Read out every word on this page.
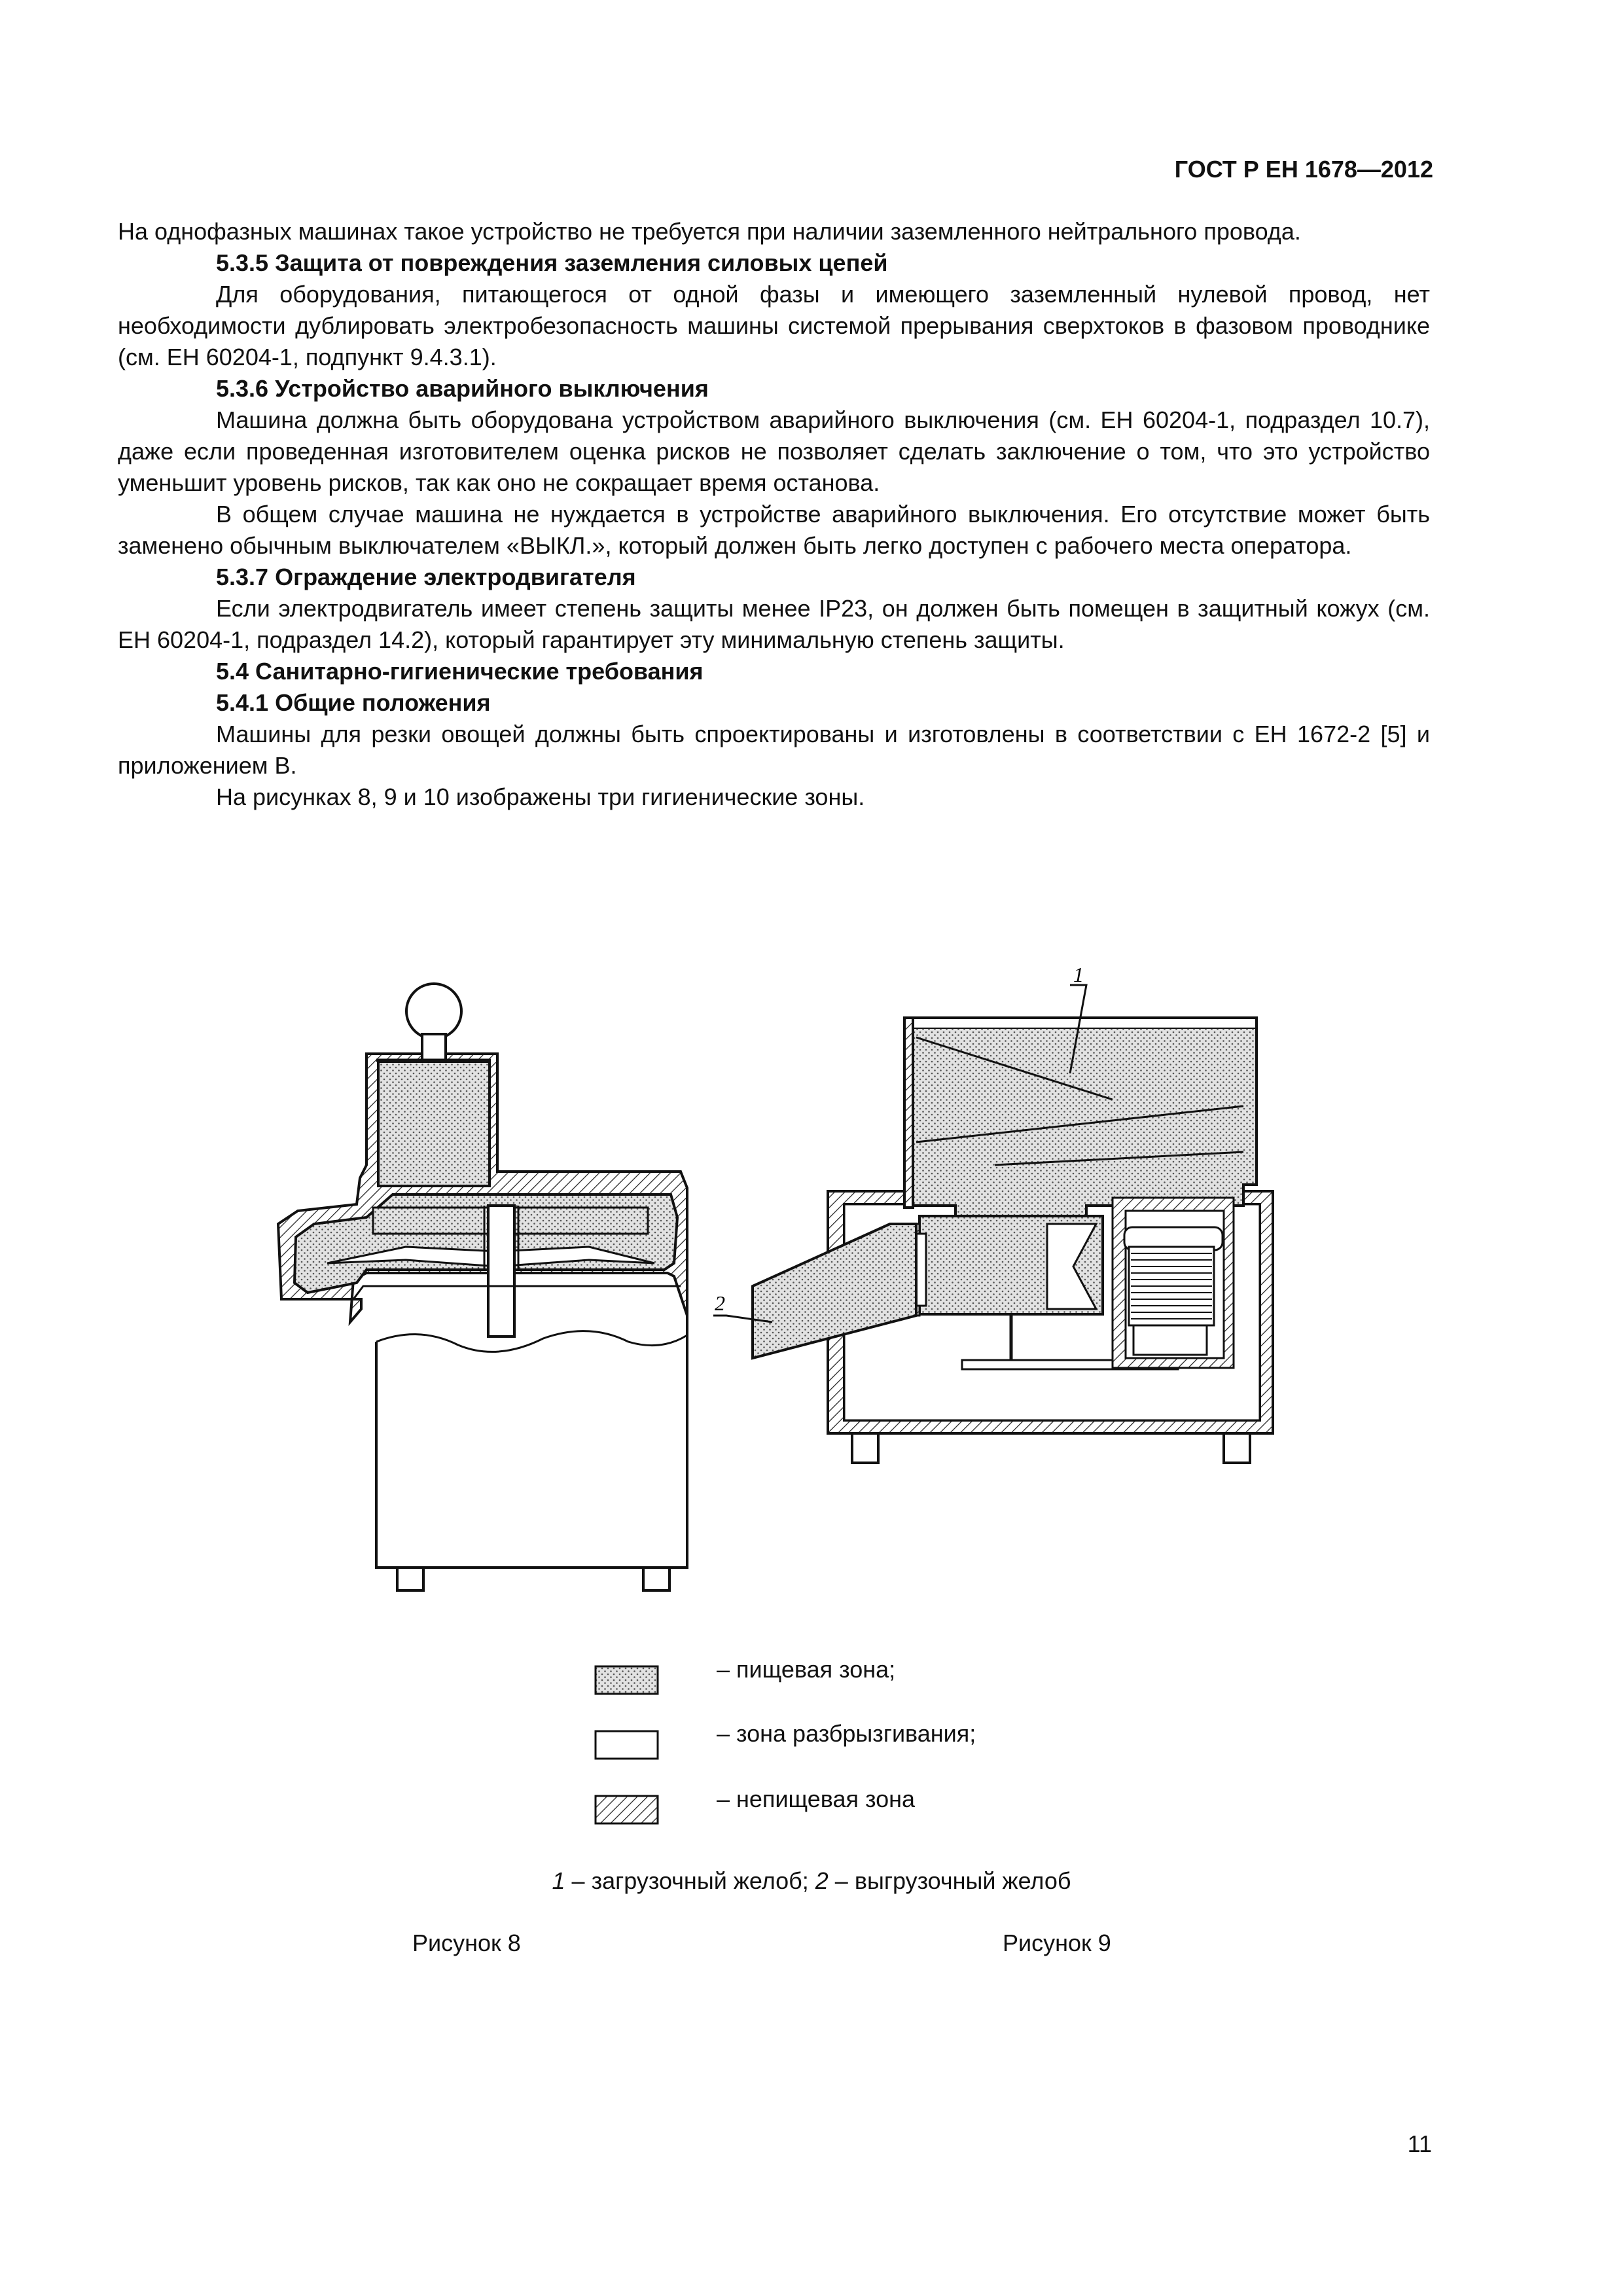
ГОСТ Р ЕН 1678—2012

На однофазных машинах такое устройство не требуется при наличии заземленного нейтрального провода.

5.3.5 Защита от повреждения заземления силовых цепей

Для оборудования, питающегося от одной фазы и имеющего заземленный нулевой провод, нет необходимости дублировать электробезопасность машины системой прерывания сверхтоков в фазовом проводнике (см. ЕН 60204-1, подпункт 9.4.3.1).

5.3.6 Устройство аварийного выключения

Машина должна быть оборудована устройством аварийного выключения (см. ЕН 60204-1, подраздел 10.7), даже если проведенная изготовителем оценка рисков не позволяет сделать заключение о том, что это устройство уменьшит уровень рисков, так как оно не сокращает время останова.

В общем случае машина не нуждается в устройстве аварийного выключения. Его отсутствие может быть заменено обычным выключателем «ВЫКЛ.», который должен быть легко доступен с рабочего места оператора.

5.3.7 Ограждение электродвигателя

Если электродвигатель имеет степень защиты менее IP23, он должен быть помещен в защитный кожух (см. ЕН 60204-1, подраздел 14.2), который гарантирует эту минимальную степень защиты.

5.4 Санитарно-гигиенические требования

5.4.1 Общие положения

Машины для резки овощей должны быть спроектированы и изготовлены в соответствии с ЕН 1672-2 [5] и приложением В.

На рисунках 8, 9 и 10 изображены три гигиенические зоны.

1
2
– пищевая зона;
– зона разбрызгивания;
– непищевая зона
1 – загрузочный желоб; 2 – выгрузочный желоб
Рисунок 8	Рисунок 9
11
